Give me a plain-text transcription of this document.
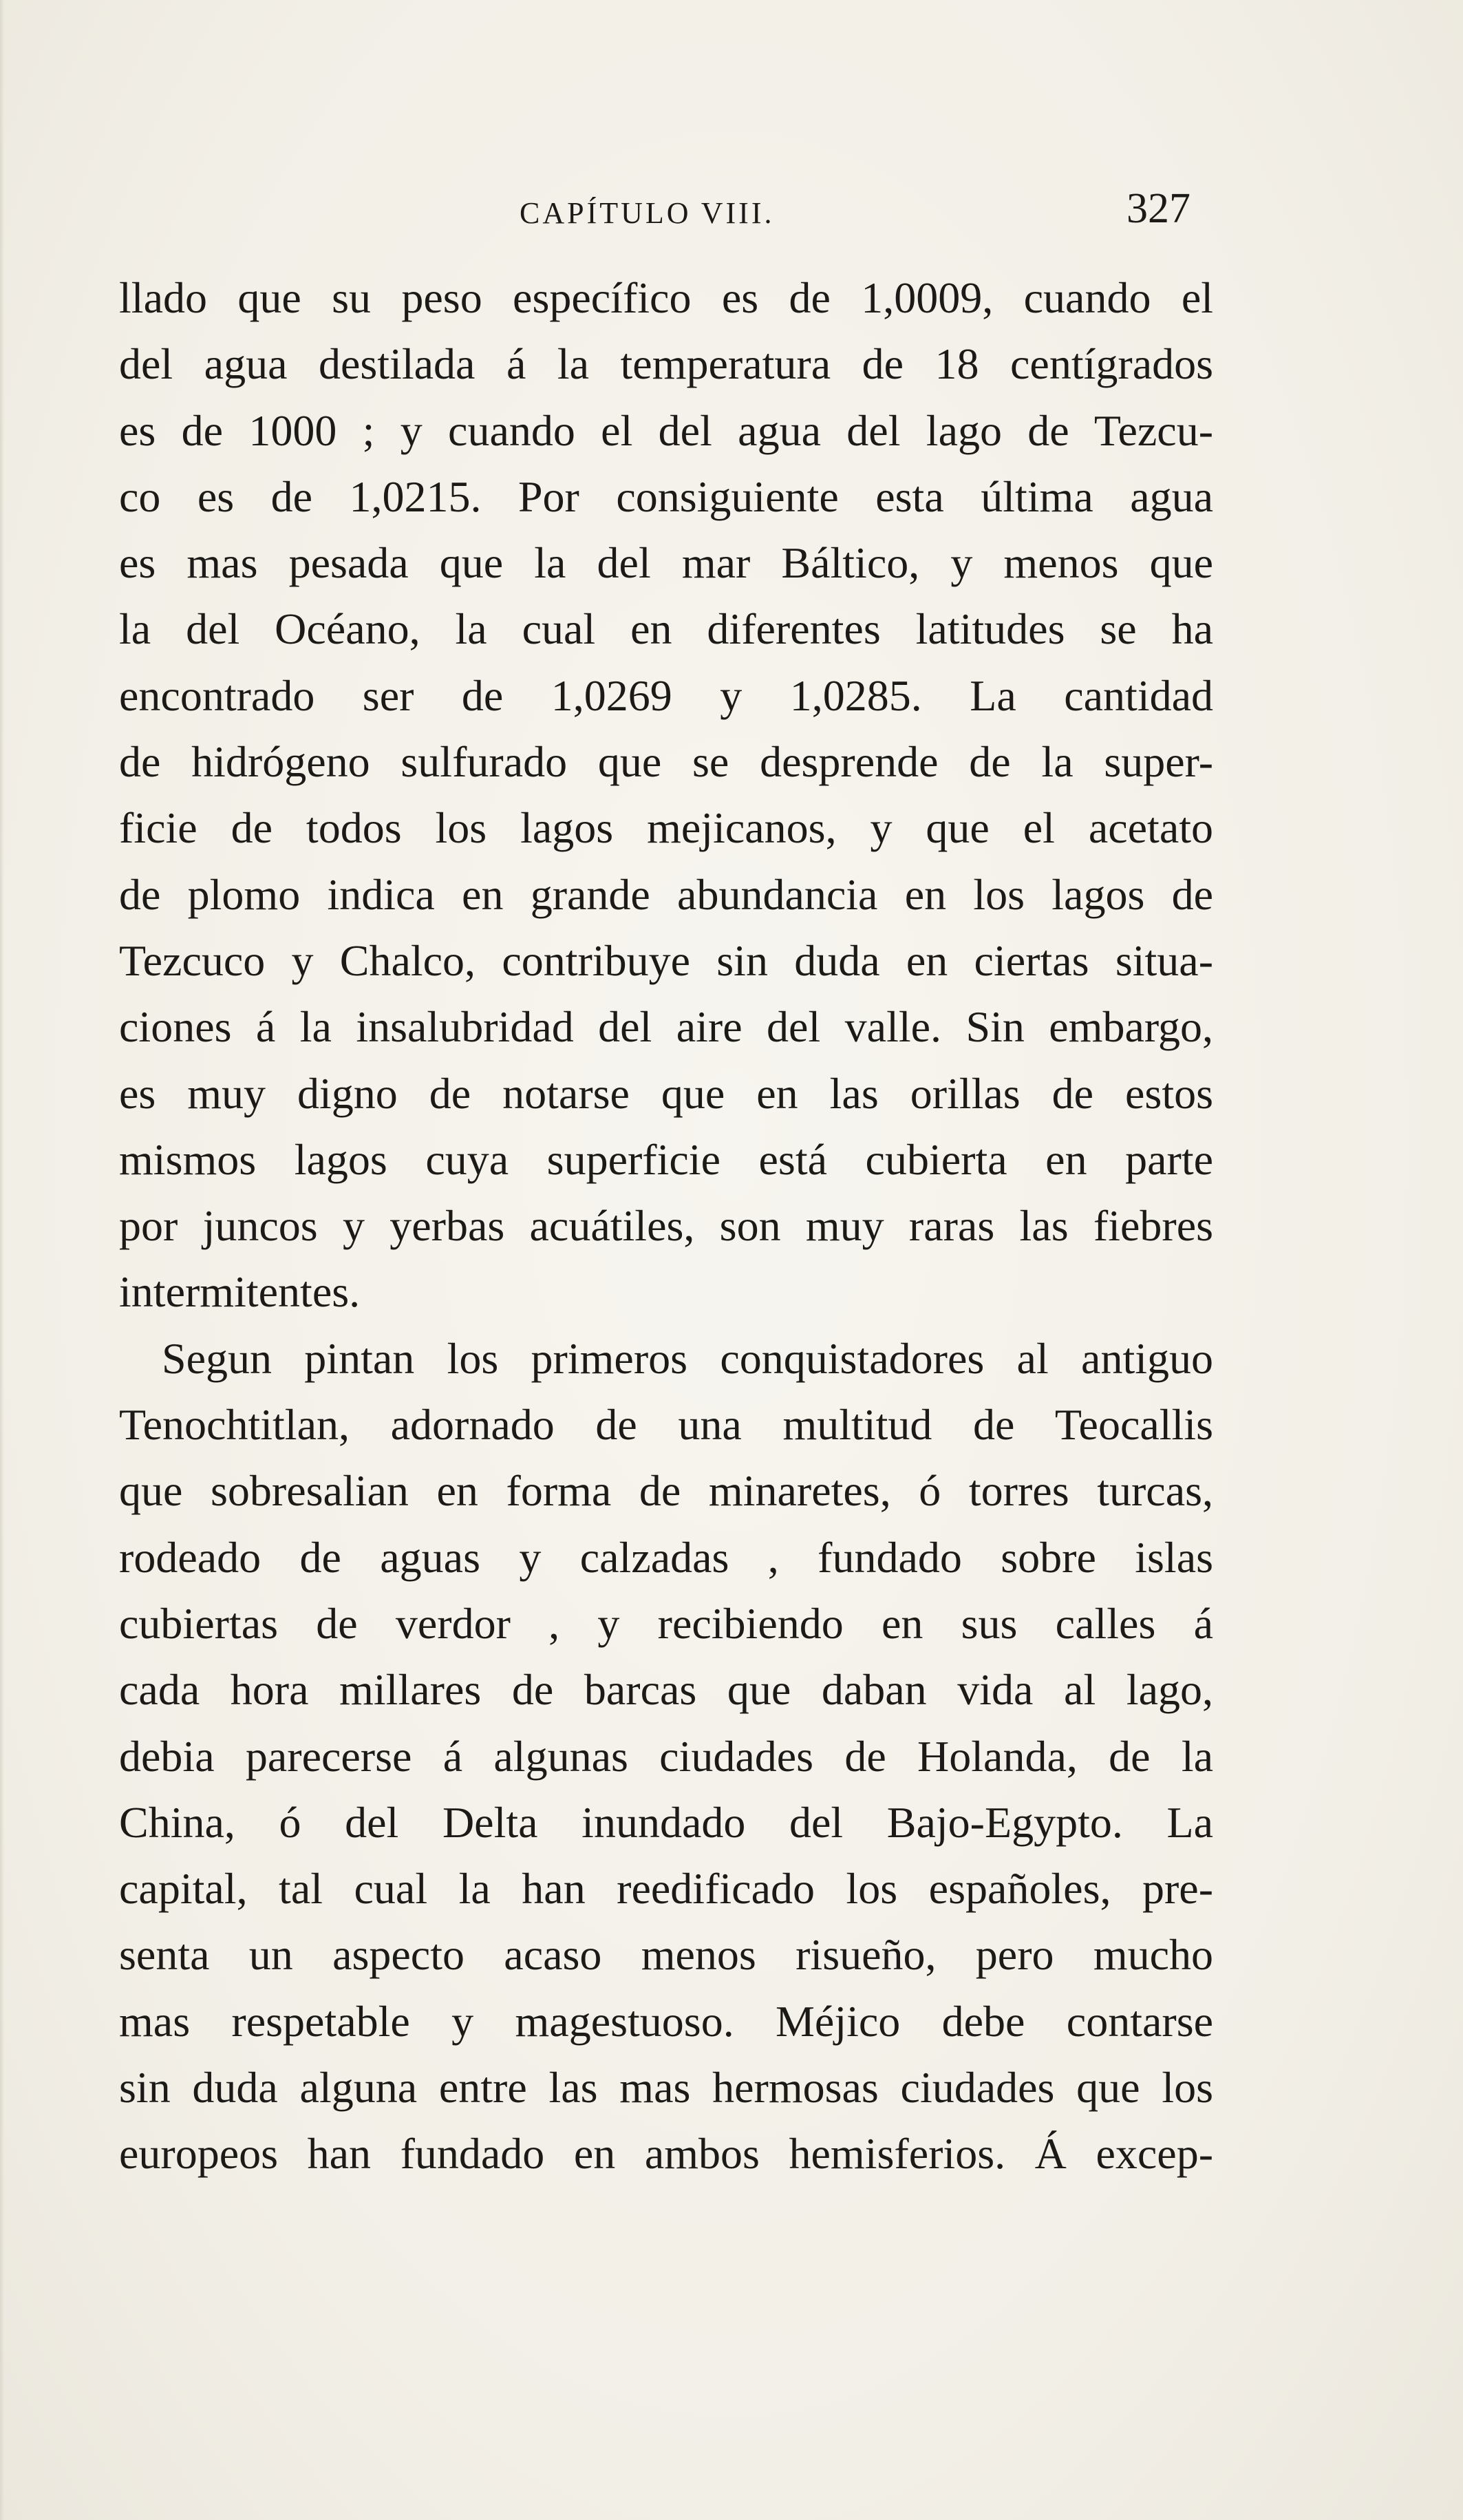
CAPÍTULO VIII.	327
llado que su peso específico es de 1,0009, cuando el
del agua destilada á la temperatura de 18 centígrados
es de 1000 ; y cuando el del agua del lago de Tezcu-
co es de 1,0215. Por consiguiente esta última agua
es mas pesada que la del mar Báltico, y menos que
la del Océano, la cual en diferentes latitudes se ha
encontrado ser de 1,0269 y 1,0285. La cantidad
de hidrógeno sulfurado que se desprende de la super-
ficie de todos los lagos mejicanos, y que el acetato
de plomo indica en grande abundancia en los lagos de
Tezcuco y Chalco, contribuye sin duda en ciertas situa-
ciones á la insalubridad del aire del valle. Sin embargo,
es muy digno de notarse que en las orillas de estos
mismos lagos cuya superficie está cubierta en parte
por juncos y yerbas acuátiles, son muy raras las fiebres
intermitentes.
Segun pintan los primeros conquistadores al antiguo
Tenochtitlan, adornado de una multitud de Teocallis
que sobresalian en forma de minaretes, ó torres turcas,
rodeado de aguas y calzadas , fundado sobre islas
cubiertas de verdor , y recibiendo en sus calles á
cada hora millares de barcas que daban vida al lago,
debia parecerse á algunas ciudades de Holanda, de la
China, ó del Delta inundado del Bajo-Egypto. La
capital, tal cual la han reedificado los españoles, pre-
senta un aspecto acaso menos risueño, pero mucho
mas respetable y magestuoso. Méjico debe contarse
sin duda alguna entre las mas hermosas ciudades que los
europeos han fundado en ambos hemisferios. Á excep-
